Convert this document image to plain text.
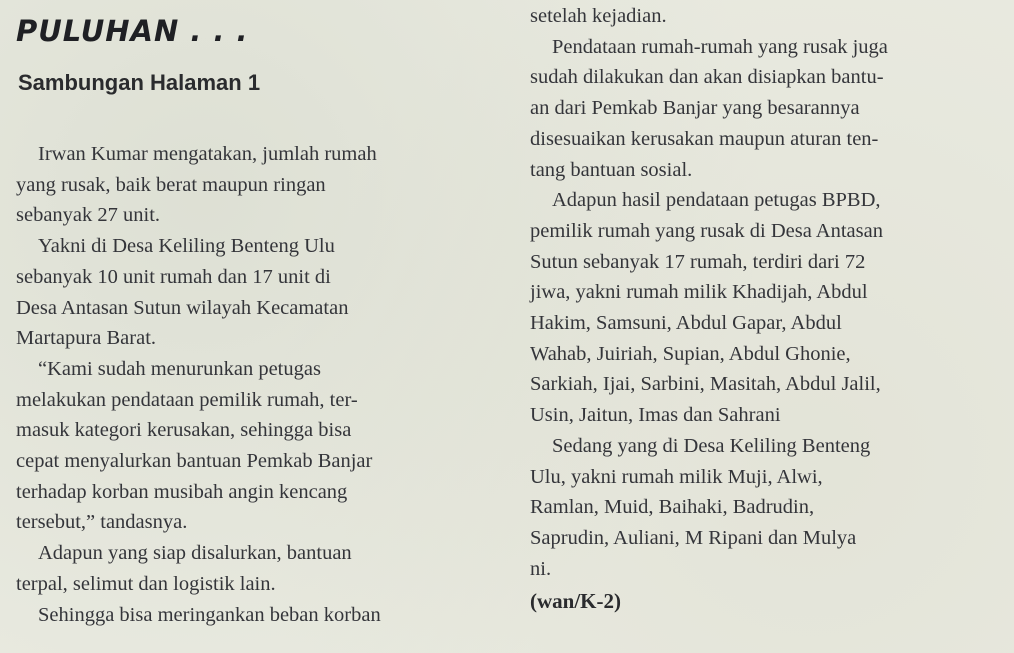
PULUHAN . . .
Sambungan Halaman 1

Irwan Kumar mengatakan, jumlah rumah

yang rusak, baik berat maupun ringan

sebanyak 27 unit.

Yakni di Desa Keliling Benteng Ulu

sebanyak 10 unit rumah dan 17 unit di

Desa Antasan Sutun wilayah Kecamatan

Martapura Barat.

“Kami sudah menurunkan petugas

melakukan pendataan pemilik rumah, ter-

masuk kategori kerusakan, sehingga bisa

cepat menyalurkan bantuan Pemkab Banjar

terhadap korban musibah angin kencang

tersebut,” tandasnya.

Adapun yang siap disalurkan, bantuan

terpal, selimut dan logistik lain.

Sehingga bisa meringankan beban korban

setelah kejadian.

Pendataan rumah-rumah yang rusak juga

sudah dilakukan dan akan disiapkan bantu-

an dari Pemkab Banjar yang besarannya

disesuaikan kerusakan maupun aturan ten-

tang bantuan sosial.

Adapun hasil pendataan petugas BPBD,

pemilik rumah yang rusak di Desa Antasan

Sutun sebanyak 17 rumah, terdiri dari 72

jiwa, yakni rumah milik Khadijah, Abdul

Hakim, Samsuni, Abdul Gapar, Abdul

Wahab, Juiriah, Supian, Abdul Ghonie,

Sarkiah, Ijai, Sarbini, Masitah, Abdul Jalil,

Usin, Jaitun, Imas dan Sahrani

Sedang yang di Desa Keliling Benteng

Ulu, yakni rumah milik Muji, Alwi,

Ramlan, Muid, Baihaki, Badrudin,

Saprudin, Auliani, M Ripani dan Mulya

ni.

(wan/K-2)
